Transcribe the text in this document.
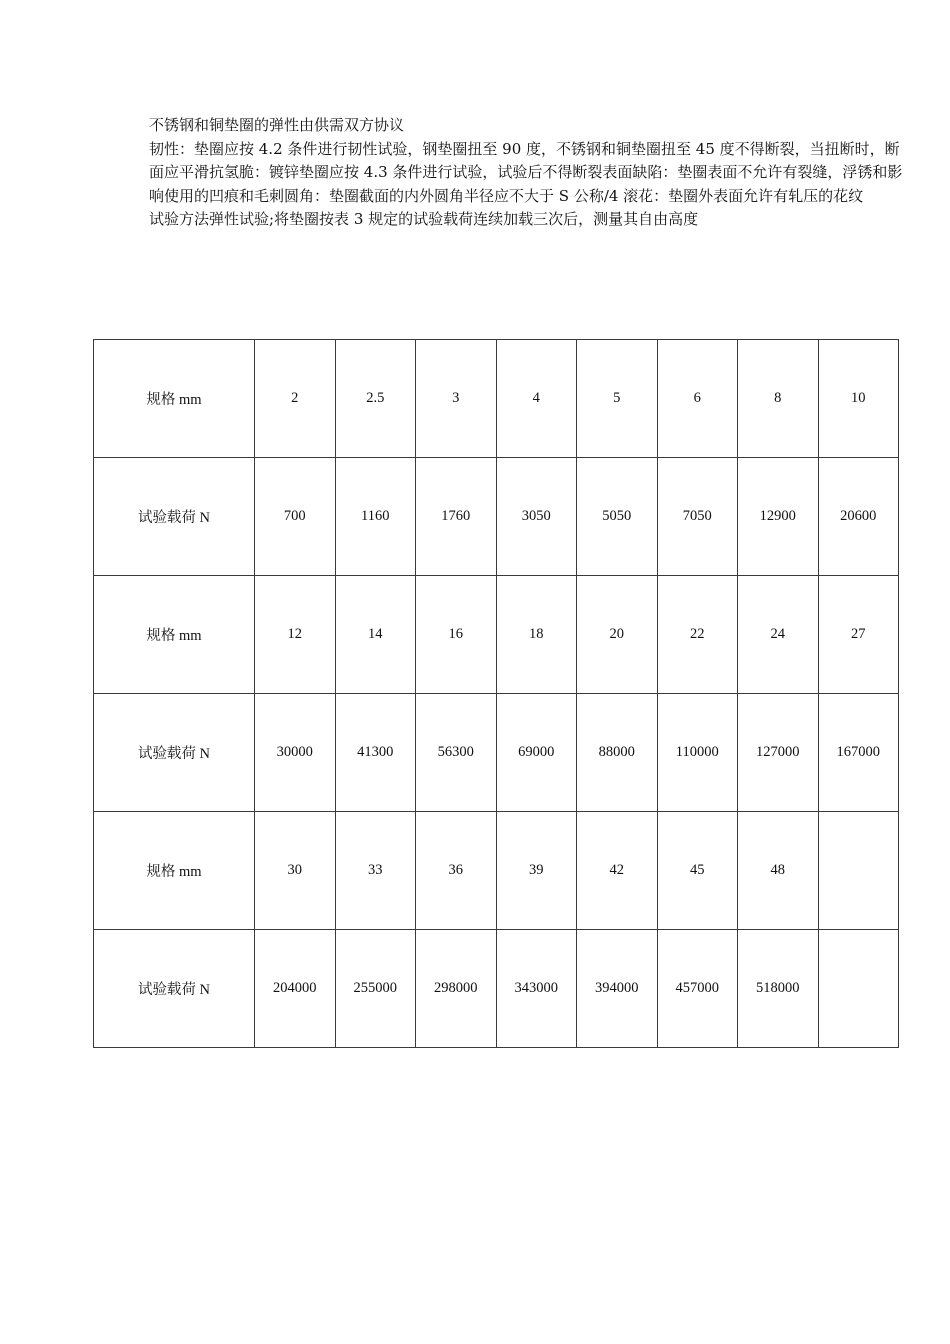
不锈钢和铜垫圈的弹性由供需双方协议

韧性：垫圈应按 4.2 条件进行韧性试验，钢垫圈扭至 90 度，不锈钢和铜垫圈扭至 45 度不得断裂，当扭断时，断面应平滑抗氢脆：镀锌垫圈应按 4.3 条件进行试验，试验后不得断裂表面缺陷：垫圈表面不允许有裂缝，浮锈和影响使用的凹痕和毛刺圆角：垫圈截面的内外圆角半径应不大于 S 公称/4 滚花：垫圈外表面允许有轧压的花纹

试验方法弹性试验;将垫圈按表 3 规定的试验载荷连续加载三次后，测量其自由高度

规格 mm	2	2.5	3	4	5	6	8	10
试验载荷 N	700	1160	1760	3050	5050	7050	12900	20600
规格 mm	12	14	16	18	20	22	24	27
试验载荷 N	30000	41300	56300	69000	88000	110000	127000	167000
规格 mm	30	33	36	39	42	45	48	
试验载荷 N	204000	255000	298000	343000	394000	457000	518000	
